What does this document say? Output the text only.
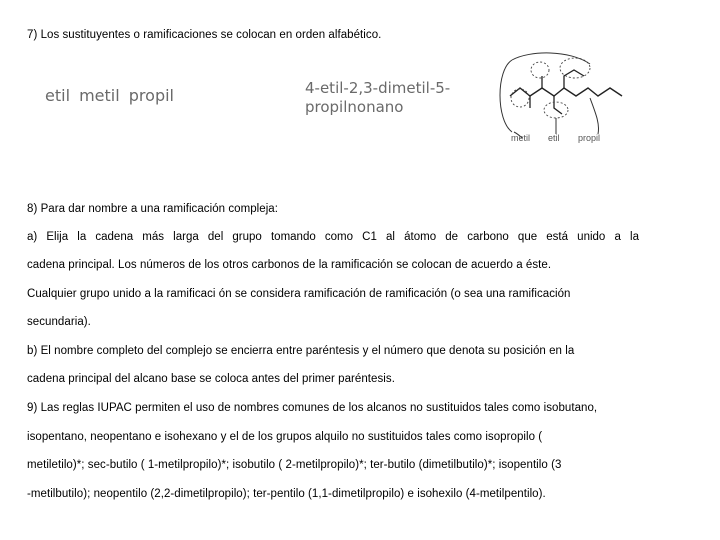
7) Los sustituyentes o ramificaciones se colocan en orden alfabético.
etil metil propil	4-etil-2,3-dimetil-5-
propilnonano
metil etil propil
8) Para dar nombre a una ramificación compleja:
a) Elija la cadena más larga del grupo tomando como C1 al átomo de carbono que está unido a la
cadena principal. Los números de los otros carbonos de la ramificación se colocan de acuerdo a éste.
Cualquier grupo unido a la ramificaci ón se considera ramificación de ramificación (o sea una ramificación
secundaria).
b) El nombre completo del complejo se encierra entre paréntesis y el número que denota su posición en la
cadena principal del alcano base se coloca antes del primer paréntesis.
9) Las reglas IUPAC permiten el uso de nombres comunes de los alcanos no sustituidos tales como isobutano,
isopentano, neopentano e isohexano y el de los grupos alquilo no sustituidos tales como isopropilo (
metiletilo)*; sec-butilo ( 1-metilpropilo)*; isobutilo ( 2-metilpropilo)*; ter-butilo (dimetilbutilo)*; isopentilo (3
-metilbutilo); neopentilo (2,2-dimetilpropilo); ter-pentilo (1,1-dimetilpropilo) e isohexilo (4-metilpentilo).
